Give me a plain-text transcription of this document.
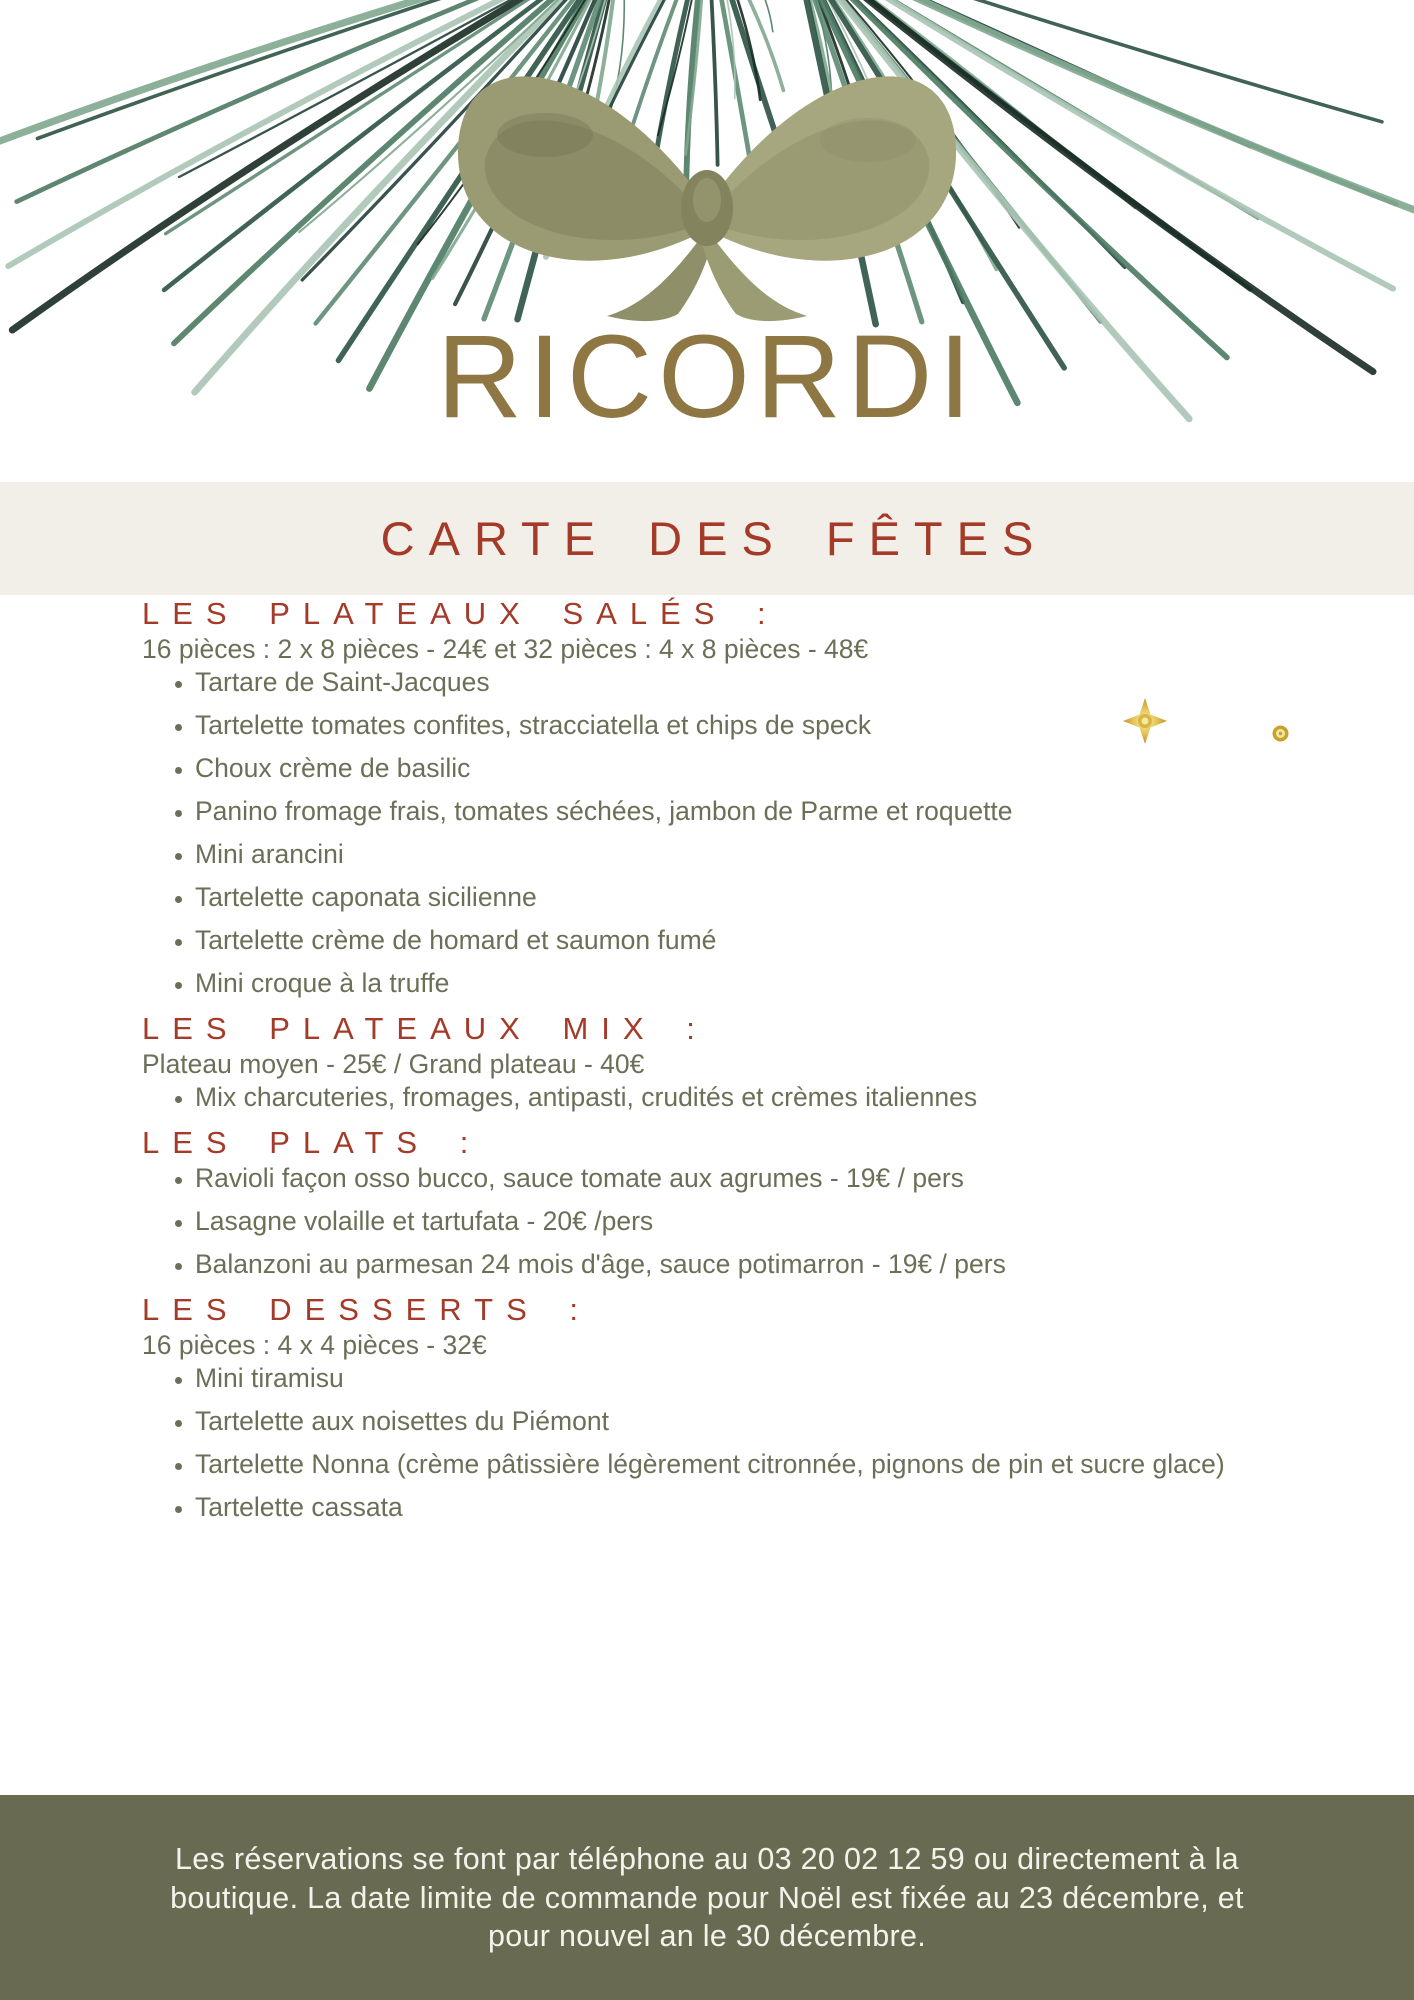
RICORDI
CARTE DES FÊTES
LES PLATEAUX SALÉS :

16 pièces : 2 x 8 pièces - 24€ et 32 pièces : 4 x 8 pièces - 48€

• Tartare de Saint-Jacques
• Tartelette tomates confites, stracciatella et chips de speck
• Choux crème de basilic
• Panino fromage frais, tomates séchées, jambon de Parme et roquette
• Mini arancini
• Tartelette caponata sicilienne
• Tartelette crème de homard et saumon fumé
• Mini croque à la truffe
LES PLATEAUX MIX :

Plateau moyen - 25€ / Grand plateau - 40€

• Mix charcuteries, fromages, antipasti, crudités et crèmes italiennes
LES PLATS :
• Ravioli façon osso bucco, sauce tomate aux agrumes - 19€ / pers
• Lasagne volaille et tartufata - 20€ /pers
• Balanzoni au parmesan 24 mois d'âge, sauce potimarron - 19€ / pers
LES DESSERTS :

16 pièces : 4 x 4 pièces - 32€

• Mini tiramisu
• Tartelette aux noisettes du Piémont
• Tartelette Nonna (crème pâtissière légèrement citronnée, pignons de pin et sucre glace)
• Tartelette cassata
Les réservations se font par téléphone au 03 20 02 12 59 ou directement à la
boutique. La date limite de commande pour Noël est fixée au 23 décembre, et
pour nouvel an le 30 décembre.
